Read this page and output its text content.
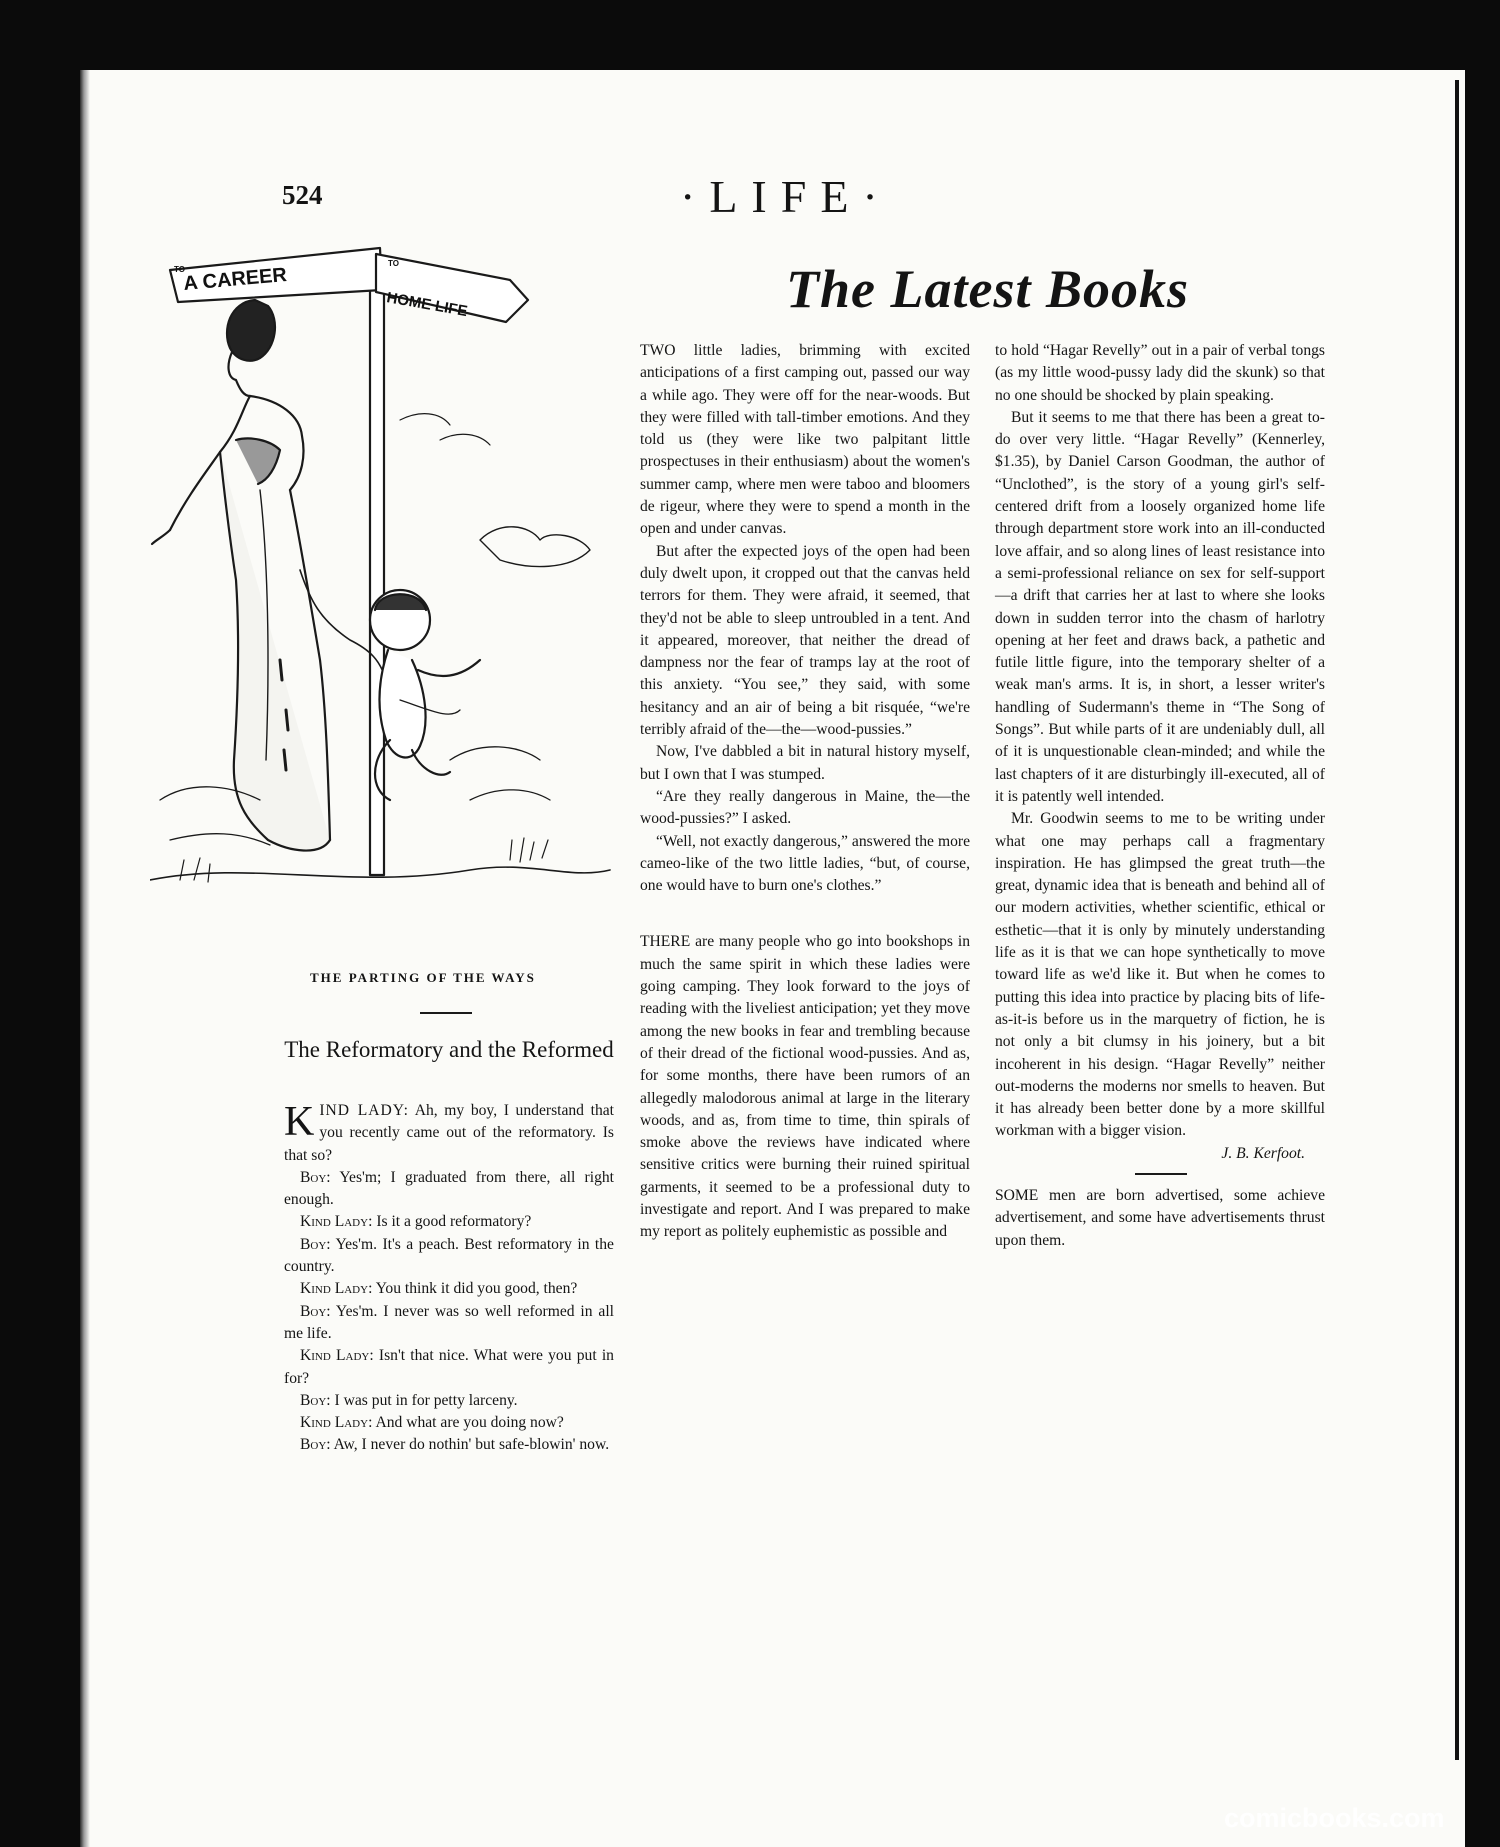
524	·LIFE·
The Latest Books
A CAREER
HOME LIFE
TO
TO
THE PARTING OF THE WAYS
The Reformatory and the Reformed

KIND LADY: Ah, my boy, I understand that you recently came out of the reformatory. Is that so?

Boy: Yes'm; I graduated from there, all right enough.

Kind Lady: Is it a good reformatory?

Boy: Yes'm. It's a peach. Best reformatory in the country.

Kind Lady: You think it did you good, then?

Boy: Yes'm. I never was so well reformed in all me life.

Kind Lady: Isn't that nice. What were you put in for?

Boy: I was put in for petty larceny.

Kind Lady: And what are you doing now?

Boy: Aw, I never do nothin' but safe-blowin' now.

TWO little ladies, brimming with excited anticipations of a first camping out, passed our way a while ago. They were off for the near-woods. But they were filled with tall-timber emotions. And they told us (they were like two palpitant little prospectuses in their enthusiasm) about the women's summer camp, where men were taboo and bloomers de rigeur, where they were to spend a month in the open and under canvas.

But after the expected joys of the open had been duly dwelt upon, it cropped out that the canvas held terrors for them. They were afraid, it seemed, that they'd not be able to sleep untroubled in a tent. And it appeared, moreover, that neither the dread of dampness nor the fear of tramps lay at the root of this anxiety. “You see,” they said, with some hesitancy and an air of being a bit risquée, “we're terribly afraid of the—the—wood-pussies.”

Now, I've dabbled a bit in natural history myself, but I own that I was stumped.

“Are they really dangerous in Maine, the—the wood-pussies?” I asked.

“Well, not exactly dangerous,” answered the more cameo-like of the two little ladies, “but, of course, one would have to burn one's clothes.”

THERE are many people who go into bookshops in much the same spirit in which these ladies were going camping. They look forward to the joys of reading with the liveliest anticipation; yet they move among the new books in fear and trembling because of their dread of the fictional wood-pussies. And as, for some months, there have been rumors of an allegedly malodorous animal at large in the literary woods, and as, from time to time, thin spirals of smoke above the reviews have indicated where sensitive critics were burning their ruined spiritual garments, it seemed to be a professional duty to investigate and report. And I was prepared to make my report as politely euphemistic as possible and

to hold “Hagar Revelly” out in a pair of verbal tongs (as my little wood-pussy lady did the skunk) so that no one should be shocked by plain speaking.

But it seems to me that there has been a great to-do over very little. “Hagar Revelly” (Kennerley, $1.35), by Daniel Carson Goodman, the author of “Unclothed”, is the story of a young girl's self-centered drift from a loosely organized home life through department store work into an ill-conducted love affair, and so along lines of least resistance into a semi-professional reliance on sex for self-support—a drift that carries her at last to where she looks down in sudden terror into the chasm of harlotry opening at her feet and draws back, a pathetic and futile little figure, into the temporary shelter of a weak man's arms. It is, in short, a lesser writer's handling of Sudermann's theme in “The Song of Songs”. But while parts of it are undeniably dull, all of it is unquestionable clean-minded; and while the last chapters of it are disturbingly ill-executed, all of it is patently well intended.

Mr. Goodwin seems to me to be writing under what one may perhaps call a fragmentary inspiration. He has glimpsed the great truth—the great, dynamic idea that is beneath and behind all of our modern activities, whether scientific, ethical or esthetic—that it is only by minutely understanding life as it is that we can hope synthetically to move toward life as we'd like it. But when he comes to putting this idea into practice by placing bits of life-as-it-is before us in the marquetry of fiction, he is not only a bit clumsy in his joinery, but a bit incoherent in his design. “Hagar Revelly” neither out-moderns the moderns nor smells to heaven. But it has already been better done by a more skillful workman with a bigger vision.

J. B. Kerfoot.

SOME men are born advertised, some achieve advertisement, and some have advertisements thrust upon them.

comicbooks.com
